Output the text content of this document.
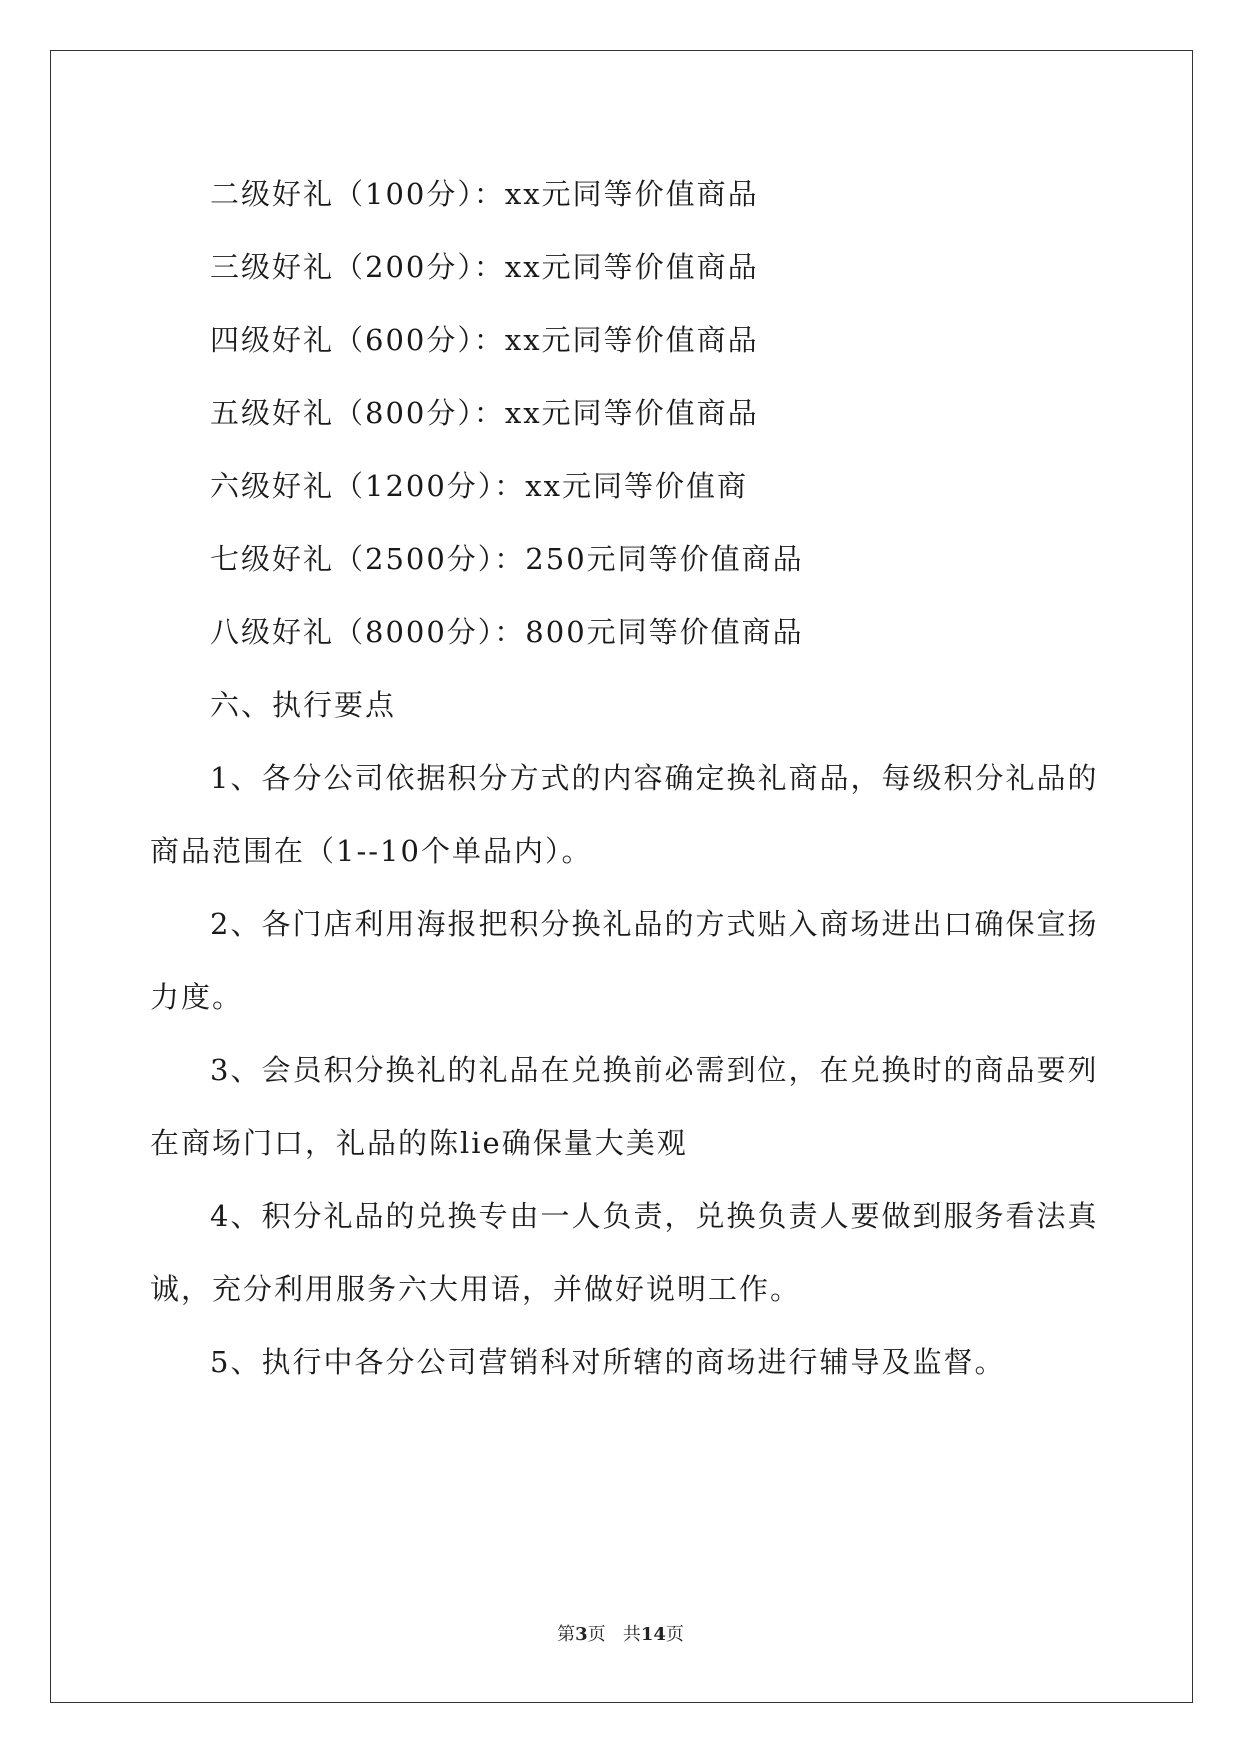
二级好礼（100分）：xx元同等价值商品
三级好礼（200分）：xx元同等价值商品
四级好礼（600分）：xx元同等价值商品
五级好礼（800分）：xx元同等价值商品
六级好礼（1200分）：xx元同等价值商
七级好礼（2500分）：250元同等价值商品
八级好礼（8000分）：800元同等价值商品
六、执行要点
1、各分公司依据积分方式的内容确定换礼商品，每级积分礼品的
商品范围在（1--10个单品内）。
2、各门店利用海报把积分换礼品的方式贴入商场进出口确保宣扬
力度。
3、会员积分换礼的礼品在兑换前必需到位，在兑换时的商品要列
在商场门口，礼品的陈lie确保量大美观
4、积分礼品的兑换专由一人负责，兑换负责人要做到服务看法真
诚，充分利用服务六大用语，并做好说明工作。
5、执行中各分公司营销科对所辖的商场进行辅导及监督。
第3页 共14页
